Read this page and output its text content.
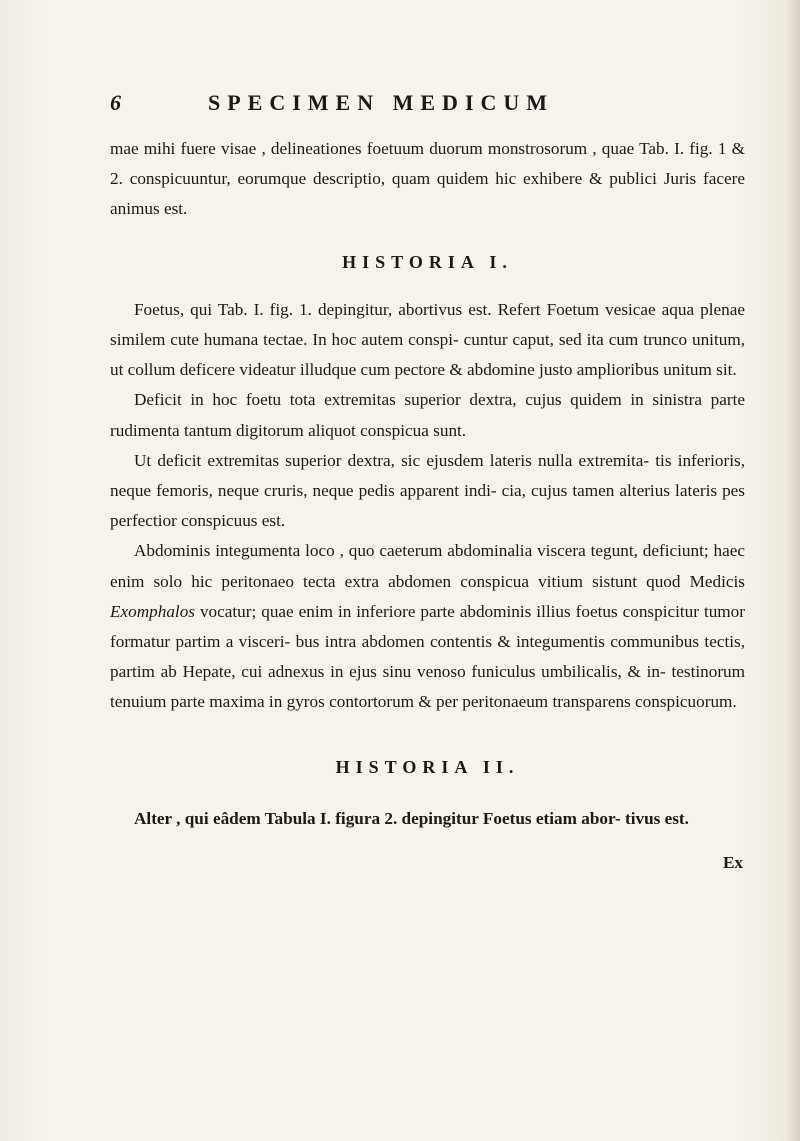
6	SPECIMEN MEDICUM

mae mihi fuere visae , delineationes foetuum duorum monstrosorum , quae Tab. I. fig. 1 & 2. conspicuuntur, eorumque descriptio, quam quidem hic exhibere & publici Juris facere animus est.

HISTORIA I.

Foetus, qui Tab. I. fig. 1. depingitur, abortivus est. Refert Foetum vesicae aqua plenae similem cute humana tectae. In hoc autem conspi- cuntur caput, sed ita cum trunco unitum, ut collum deficere videatur illudque cum pectore & abdomine justo amplioribus unitum sit.

Deficit in hoc foetu tota extremitas superior dextra, cujus quidem in sinistra parte rudimenta tantum digitorum aliquot conspicua sunt.

Ut deficit extremitas superior dextra, sic ejusdem lateris nulla extremita- tis inferioris, neque femoris, neque cruris, neque pedis apparent indi- cia, cujus tamen alterius lateris pes perfectior conspicuus est.

Abdominis integumenta loco , quo caeterum abdominalia viscera tegunt, deficiunt; haec enim solo hic peritonaeo tecta extra abdomen conspicua vitium sistunt quod Medicis Exomphalos vocatur; quae enim in inferiore parte abdominis illius foetus conspicitur tumor formatur partim a visceri- bus intra abdomen contentis & integumentis communibus tectis, partim ab Hepate, cui adnexus in ejus sinu venoso funiculus umbilicalis, & in- testinorum tenuium parte maxima in gyros contortorum & per peritonaeum transparens conspicuorum.

HISTORIA II.

Alter , qui eâdem Tabula I. figura 2. depingitur Foetus etiam abor- tivus est.

Ex
